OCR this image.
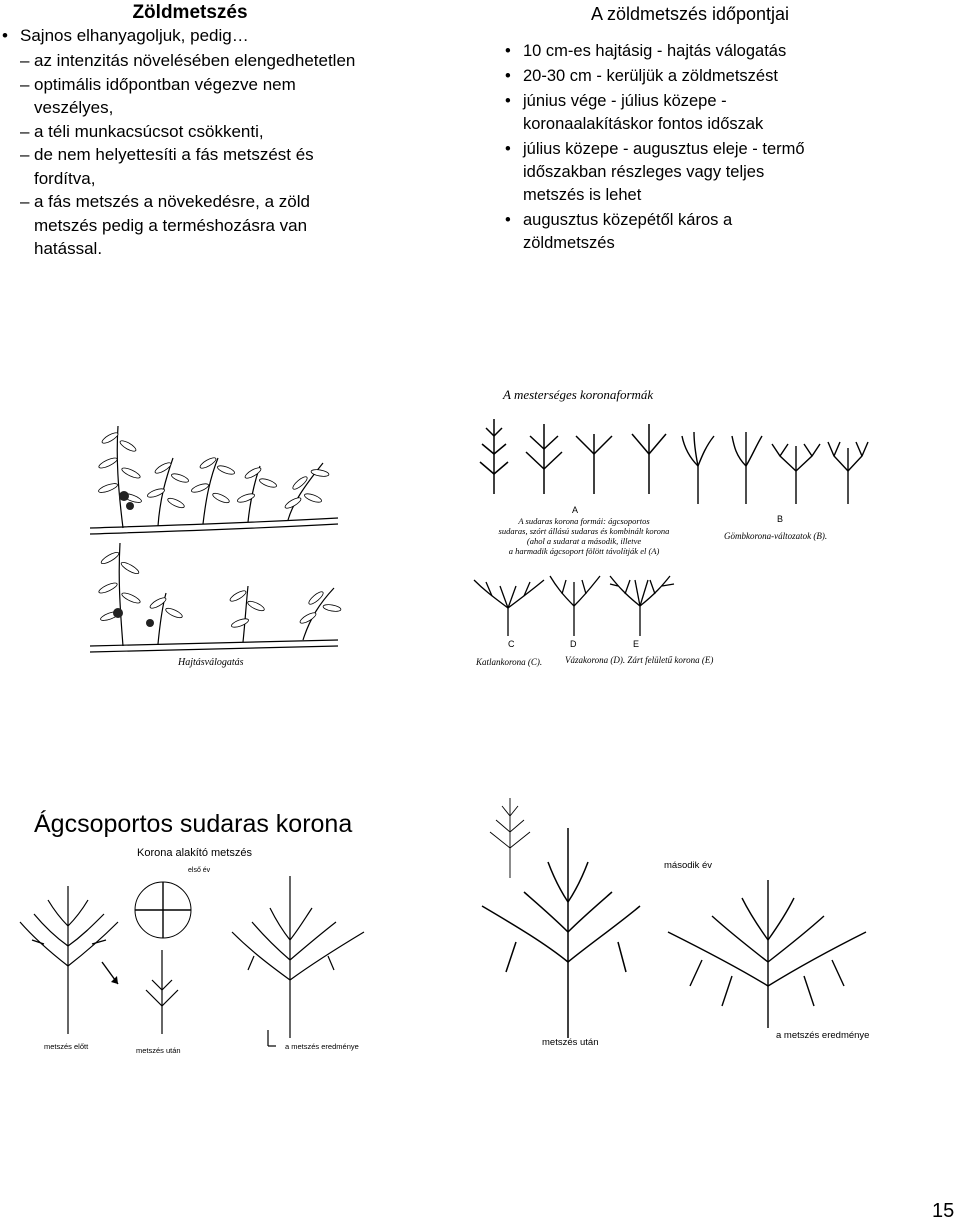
Zöldmetszés
• Sajnos elhanyagoljuk, pedig…
– az intenzitás növelésében elengedhetetlen
– optimális időpontban végezve nem veszélyes,
– a téli munkacsúcsot csökkenti,
– de nem helyettesíti a fás metszést és fordítva,
– a fás metszés a növekedésre, a zöld metszés pedig a terméshozásra van hatással.
A zöldmetszés időpontjai
• 10 cm-es hajtásig - hajtás válogatás
• 20-30 cm - kerüljük a zöldmetszést
• június vége - július közepe - koronaalakításkor fontos időszak
• július közepe - augusztus eleje - termő időszakban részleges vagy teljes metszés is lehet
• augusztus közepétől káros a zöldmetszés
Hajtásválogatás
A mesterséges koronaformák
A
B
A sudaras korona formái: ágcsoportos
sudaras, szórt állású sudaras és kombinált korona
(ahol a sudarat a második, illetve
a harmadik ágcsoport fölött távolítják el (A)
Gömbkorona-változatok (B).
C	D	E
Katlankorona (C).	Vázakorona (D). Zárt felületű korona (E)
Ágcsoportos sudaras korona
Korona alakító metszés
első év
metszés előtt	metszés után	a metszés eredménye
második év
metszés után
a metszés eredménye
15
